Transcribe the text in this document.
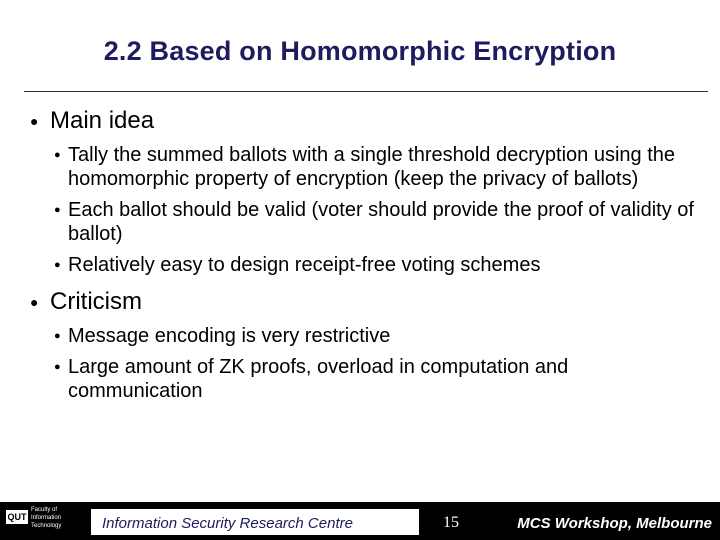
2.2 Based on Homomorphic Encryption
● Main idea
● Tally the summed ballots with a single threshold decryption using the homomorphic property of encryption (keep the privacy of ballots)
● Each ballot should be valid (voter should provide the proof of validity of ballot)
● Relatively easy to design receipt-free voting schemes
● Criticism
● Message encoding is very restrictive
● Large amount of ZK proofs, overload in computation and communication
QUT
Faculty of
Information
Technology	Information Security Research Centre	15	MCS Workshop, Melbourne
